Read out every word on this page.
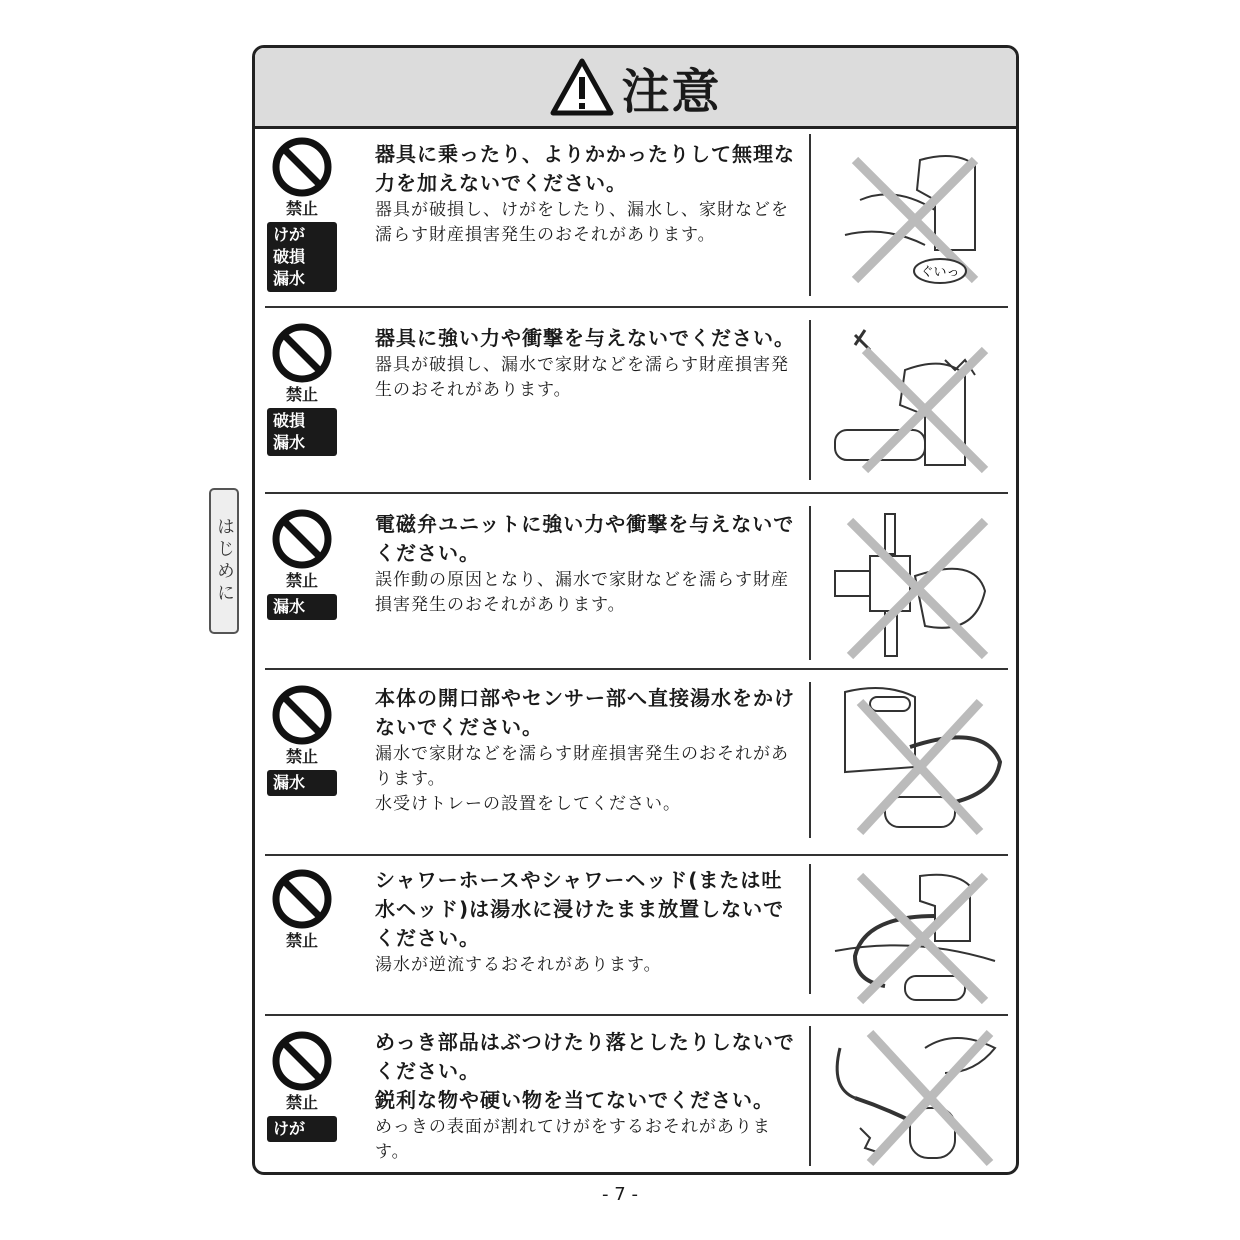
はじめに
注意
禁止
けが
破損
漏水
器具に乗ったり、よりかかったりして無理な力を加えないでください。
器具が破損し、けがをしたり、漏水し、家財などを濡らす財産損害発生のおそれがあります。
ぐいっ
禁止
破損
漏水
器具に強い力や衝撃を与えないでください。
器具が破損し、漏水で家財などを濡らす財産損害発生のおそれがあります。
禁止
漏水
電磁弁ユニットに強い力や衝撃を与えないでください。
誤作動の原因となり、漏水で家財などを濡らす財産損害発生のおそれがあります。
禁止
漏水
本体の開口部やセンサー部へ直接湯水をかけないでください。
漏水で家財などを濡らす財産損害発生のおそれがあります。
水受けトレーの設置をしてください。
禁止
シャワーホースやシャワーヘッド(または吐水ヘッド)は湯水に浸けたまま放置しないでください。
湯水が逆流するおそれがあります。
禁止
けが
めっき部品はぶつけたり落としたりしないでください。
鋭利な物や硬い物を当てないでください。
めっきの表面が割れてけがをするおそれがあります。
- 7 -
